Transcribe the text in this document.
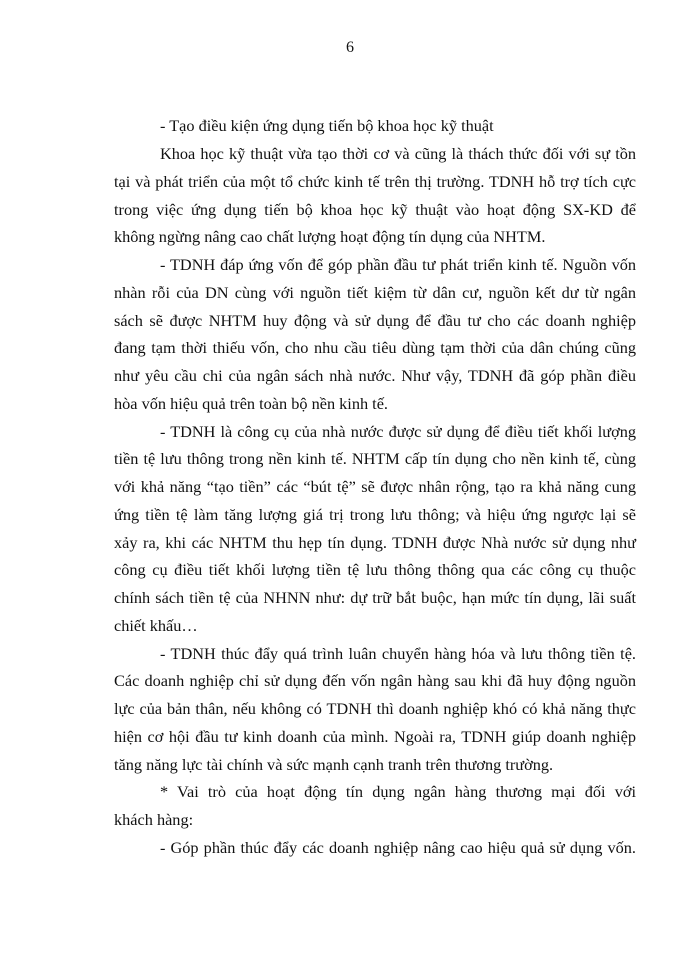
6
- Tạo điều kiện ứng dụng tiến bộ khoa học kỹ thuật
Khoa học kỹ thuật vừa tạo thời cơ và cũng là thách thức đối với sự tồn
tại và phát triển của một tổ chức kinh tế trên thị trường. TDNH hỗ trợ tích cực
trong việc ứng dụng tiến bộ khoa học kỹ thuật vào hoạt động SX-KD để
không ngừng nâng cao chất lượng hoạt động tín dụng của NHTM.
- TDNH đáp ứng vốn để góp phần đầu tư phát triển kinh tế. Nguồn vốn
nhàn rỗi của DN cùng với nguồn tiết kiệm từ dân cư, nguồn kết dư từ ngân
sách sẽ được NHTM huy động và sử dụng để đầu tư cho các doanh nghiệp
đang tạm thời thiếu vốn, cho nhu cầu tiêu dùng tạm thời của dân chúng cũng
như yêu cầu chi của ngân sách nhà nước. Như vậy, TDNH đã góp phần điều
hòa vốn hiệu quả trên toàn bộ nền kinh tế.
- TDNH là công cụ của nhà nước được sử dụng để điều tiết khối lượng
tiền tệ lưu thông trong nền kinh tế. NHTM cấp tín dụng cho nền kinh tế, cùng
với khả năng “tạo tiền” các “bút tệ” sẽ được nhân rộng, tạo ra khả năng cung
ứng tiền tệ làm tăng lượng giá trị trong lưu thông; và hiệu ứng ngược lại sẽ
xảy ra, khi các NHTM thu hẹp tín dụng. TDNH được Nhà nước sử dụng như
công cụ điều tiết khối lượng tiền tệ lưu thông thông qua các công cụ thuộc
chính sách tiền tệ của NHNN như: dự trữ bắt buộc, hạn mức tín dụng, lãi suất
chiết khấu…
- TDNH thúc đẩy quá trình luân chuyển hàng hóa và lưu thông tiền tệ.
Các doanh nghiệp chỉ sử dụng đến vốn ngân hàng sau khi đã huy động nguồn
lực của bản thân, nếu không có TDNH thì doanh nghiệp khó có khả năng thực
hiện cơ hội đầu tư kinh doanh của mình. Ngoài ra, TDNH giúp doanh nghiệp
tăng năng lực tài chính và sức mạnh cạnh tranh trên thương trường.
* Vai trò của hoạt động tín dụng ngân hàng thương mại đối với
khách hàng:
- Góp phần thúc đẩy các doanh nghiệp nâng cao hiệu quả sử dụng vốn.
